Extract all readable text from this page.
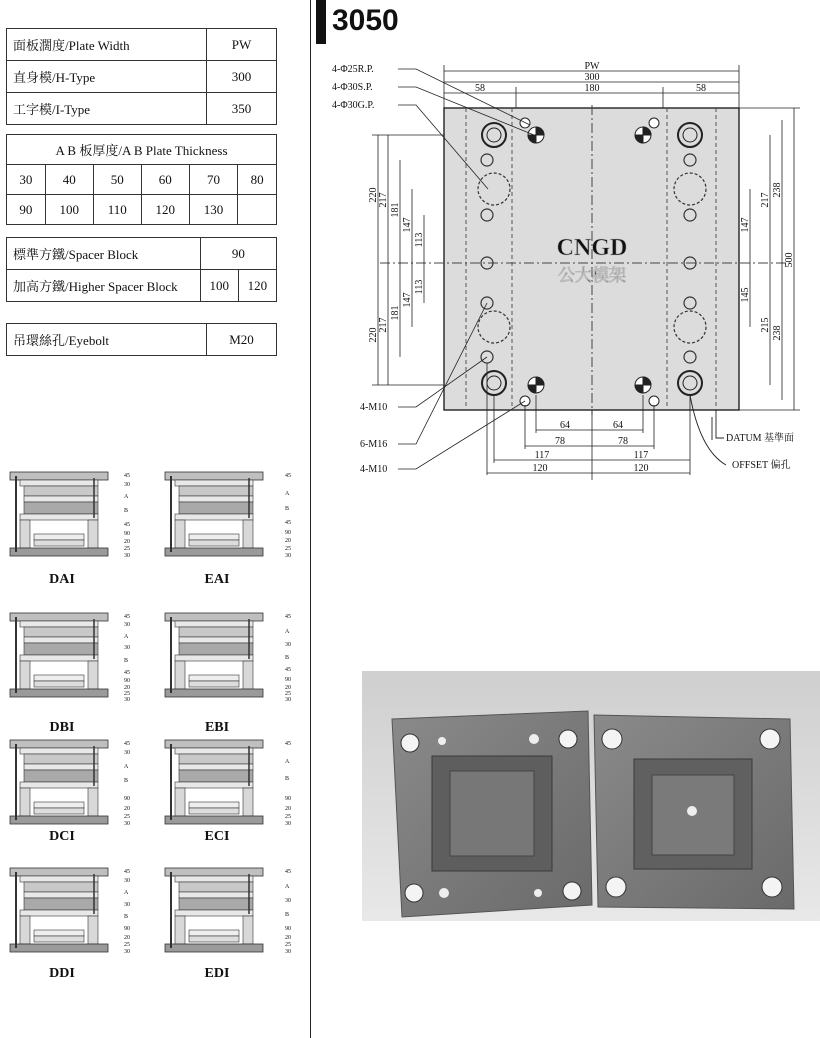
面板濶度/Plate Width	PW
直身模/H-Type	300
工字模/I-Type	350
A B 板厚度/A B Plate Thickness					
30	40	50	60	70	80
90	100	110	120	130	
標準方鐵/Spacer Block	90	
加高方鐵/Higher Spacer Block	100	120
吊環絲孔/Eyebolt	M20
3050
CNGD
公大模架
PW
300
58	180	58
220 217
181
147
113
113
147
181
217
220
217
238
147
500
145
215
238
64	64
78	78
117	117
120	120
4-Φ25R.P.
4-Φ30S.P.
4-Φ30G.P.
4-M10
6-M16
4-M10
DATUM 基準面
OFFSET 偏孔
45
30
A
B
45
90
20
25
30
DAI
45
A
B
45
90
20
25
30
EAI
45
30
A
30
B
45
90
20
25
30
DBI
45
A
30
B
45
90
20
25
30
EBI
45
30
A
B
90
20
25
30
DCI
45
A
B
90
20
25
30
ECI
45
30
A
30
B
90
20
25
30
DDI
45
A
30
B
90
20
25
30
EDI
